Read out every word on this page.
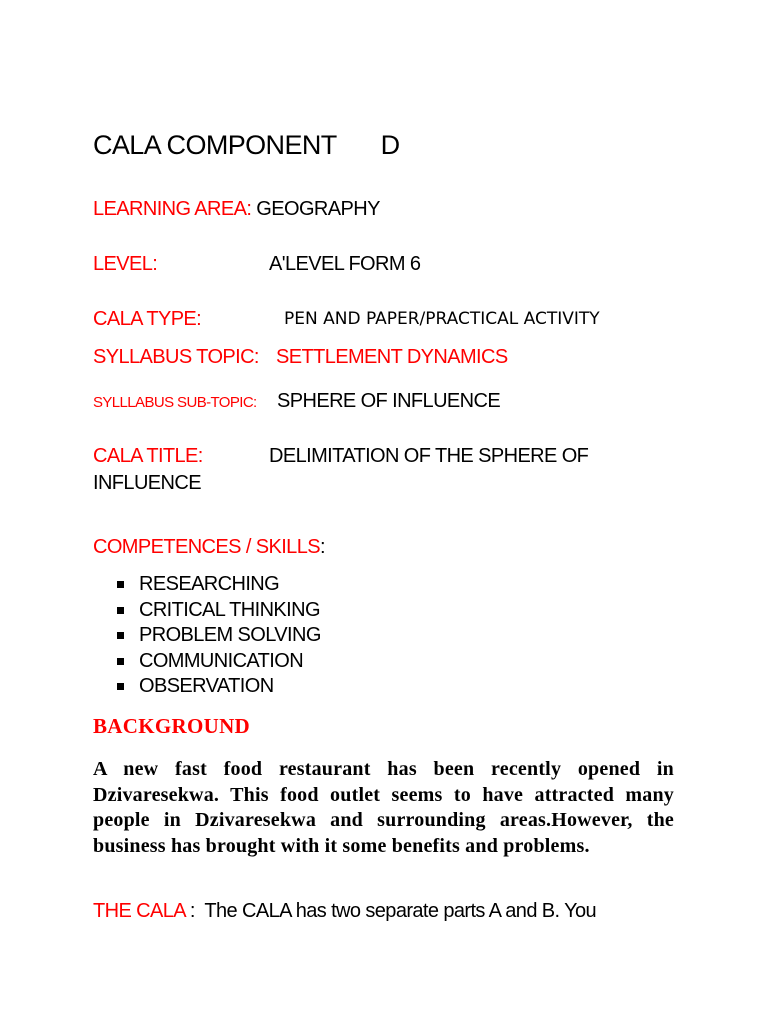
CALA COMPONENT D
LEARNING AREA: GEOGRAPHY
LEVEL:	A'LEVEL FORM 6
CALA TYPE:	PEN AND PAPER/PRACTICAL ACTIVITY
SYLLABUS TOPIC: SETTLEMENT DYNAMICS
SYLLLABUS SUB-TOPIC: SPHERE OF INFLUENCE
CALA TITLE:	DELIMITATION OF THE SPHERE OF
INFLUENCE
COMPETENCES / SKILLS:
RESEARCHING
CRITICAL THINKING
PROBLEM SOLVING
COMMUNICATION
OBSERVATION
BACKGROUND
A new fast food restaurant has been recently opened in Dzivaresekwa. This food outlet seems to have attracted many people in Dzivaresekwa and surrounding areas.However, the business has brought with it some benefits and problems.
THE CALA :  The CALA has two separate parts A and B. You
